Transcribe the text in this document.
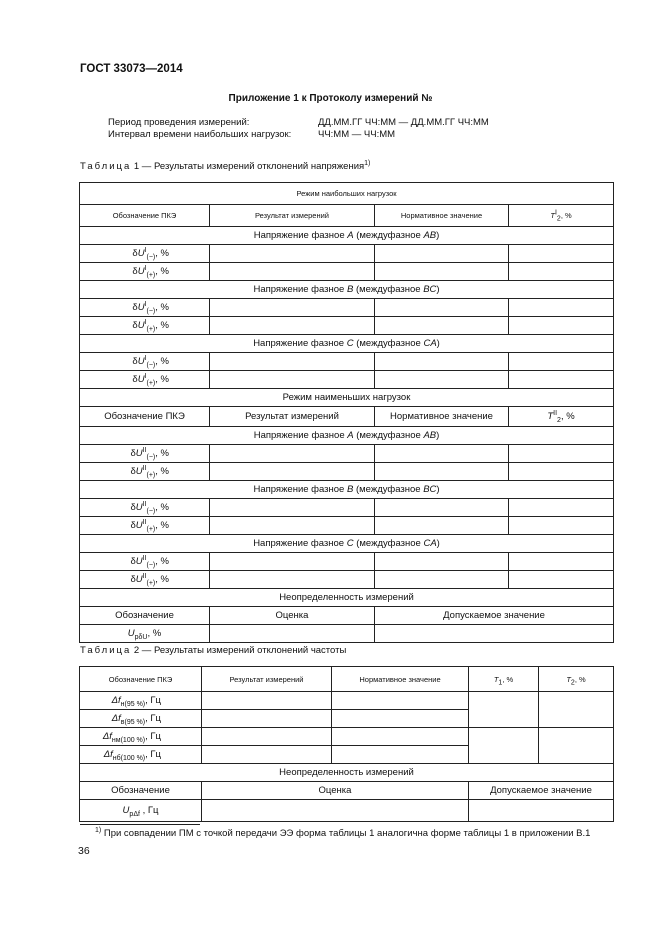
ГОСТ 33073—2014
Приложение 1 к Протоколу измерений №
Период проведения измерений:	ДД.ММ.ГГ ЧЧ:ММ — ДД.ММ.ГГ ЧЧ:ММ
Интервал времени наибольших нагрузок:	ЧЧ:ММ — ЧЧ:ММ
Таблица 1 — Результаты измерений отклонений напряжения$^{1)}$
Режим наибольших нагрузок			
Обозначение ПКЭ	Результат измерений	Нормативное значение	$T^I_2$, %
Напряжение фазное A (междуфазное AB)			
$\delta U^I_{(-)}$, %			
$\delta U^I_{(+)}$, %			
Напряжение фазное B (междуфазное BC)			
$\delta U^I_{(-)}$, %			
$\delta U^I_{(+)}$, %			
Напряжение фазное C (междуфазное CA)			
$\delta U^I_{(-)}$, %			
$\delta U^I_{(+)}$, %			
Режим наименьших нагрузок			
Обозначение ПКЭ	Результат измерений	Нормативное значение	$T^{II}_2$, %
Напряжение фазное A (междуфазное AB)			
$\delta U^{II}_{(-)}$, %			
$\delta U^{II}_{(+)}$, %			
Напряжение фазное B (междуфазное BC)			
$\delta U^{II}_{(-)}$, %			
$\delta U^{II}_{(+)}$, %			
Напряжение фазное C (междуфазное CA)			
$\delta U^{II}_{(-)}$, %			
$\delta U^{II}_{(+)}$, %			
Неопределенность измерений			
Обозначение	Оценка	Допускаемое значение	
$U_{p\delta U}$, %			
Таблица 2 — Результаты измерений отклонений частоты
Обозначение ПКЭ	Результат измерений	Нормативное значение	$T_1$, %	$T_2$, %
$\Delta f_{н(95 \%)}$, Гц				
$\Delta f_{в(95 \%)}$, Гц				
$\Delta f_{нм(100 \%)}$, Гц				
$\Delta f_{нб(100 \%)}$, Гц				
Неопределенность измерений				
Обозначение	Оценка		Допускаемое значение	
$U_{p\Delta f}$ , Гц				
$^{1)}$ При совпадении ПМ с точкой передачи ЭЭ форма таблицы 1 аналогична форме таблицы 1 в приложении В.1
36
